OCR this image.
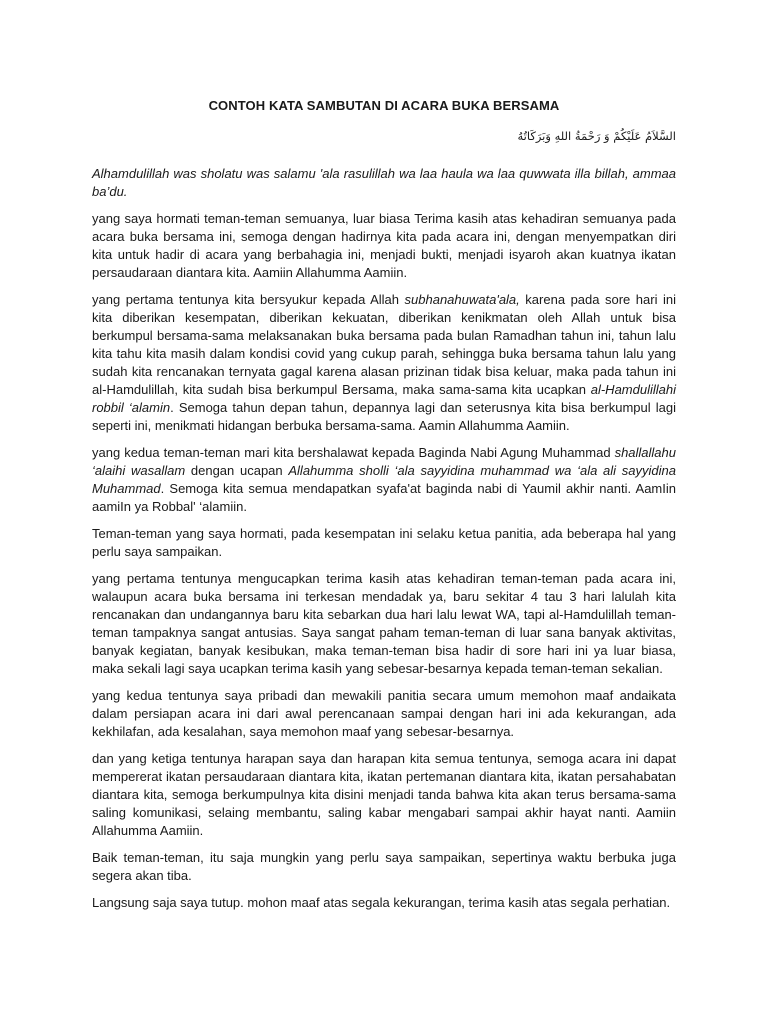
CONTOH KATA SAMBUTAN DI ACARA BUKA BERSAMA
السَّلاَمُ عَلَيْكُمْ وَ رَحْمَةُ اللهِ وَبَرَكَاتُهُ

Alhamdulillah was sholatu was salamu 'ala rasulillah wa laa haula wa laa quwwata illa billah, ammaa ba’du.

yang saya hormati teman-teman semuanya, luar biasa Terima kasih atas kehadiran semuanya pada acara buka bersama ini, semoga dengan hadirnya kita pada acara ini, dengan menyempatkan diri kita untuk hadir di acara yang berbahagia ini, menjadi bukti, menjadi isyaroh akan kuatnya ikatan persaudaraan diantara kita. Aamiin Allahumma Aamiin.

yang pertama tentunya kita bersyukur kepada Allah subhanahuwata'ala, karena pada sore hari ini kita diberikan kesempatan, diberikan kekuatan, diberikan kenikmatan oleh Allah untuk bisa berkumpul bersama-sama melaksanakan buka bersama pada bulan Ramadhan tahun ini, tahun lalu kita tahu kita masih dalam kondisi covid yang cukup parah, sehingga buka bersama tahun lalu yang sudah kita rencanakan ternyata gagal karena alasan prizinan tidak bisa keluar, maka pada tahun ini al-Hamdulillah, kita sudah bisa berkumpul Bersama, maka sama-sama kita ucapkan al-Hamdulillahi robbil ‘alamin. Semoga tahun depan tahun, depannya lagi dan seterusnya kita bisa berkumpul lagi seperti ini, menikmati hidangan berbuka bersama-sama. Aamin Allahumma Aamiin.

yang kedua teman-teman mari kita bershalawat kepada Baginda Nabi Agung Muhammad shallallahu ‘alaihi wasallam dengan ucapan Allahumma sholli ‘ala sayyidina muhammad wa ‘ala ali sayyidina Muhammad. Semoga kita semua mendapatkan syafa'at baginda nabi di Yaumil akhir nanti. AamIin aamiIn ya Robbal' ‘alamiin.

Teman-teman yang saya hormati, pada kesempatan ini selaku ketua panitia, ada beberapa hal yang perlu saya sampaikan.

yang pertama tentunya mengucapkan terima kasih atas kehadiran teman-teman pada acara ini, walaupun acara buka bersama ini terkesan mendadak ya, baru sekitar 4 tau 3 hari lalulah kita rencanakan dan undangannya baru kita sebarkan dua hari lalu lewat WA, tapi al-Hamdulillah teman-teman tampaknya sangat antusias. Saya sangat paham teman-teman di luar sana banyak aktivitas, banyak kegiatan, banyak kesibukan, maka teman-teman bisa hadir di sore hari ini ya luar biasa, maka sekali lagi saya ucapkan terima kasih yang sebesar-besarnya kepada teman-teman sekalian.

yang kedua tentunya saya pribadi dan mewakili panitia secara umum memohon maaf andaikata dalam persiapan acara ini dari awal perencanaan sampai dengan hari ini ada kekurangan, ada kekhilafan, ada kesalahan, saya memohon maaf yang sebesar-besarnya.

dan yang ketiga tentunya harapan saya dan harapan kita semua tentunya, semoga acara ini dapat mempererat ikatan persaudaraan diantara kita, ikatan pertemanan diantara kita, ikatan persahabatan diantara kita, semoga berkumpulnya kita disini menjadi tanda bahwa kita akan terus bersama-sama saling komunikasi, selaing membantu, saling kabar mengabari sampai akhir hayat nanti. Aamiin Allahumma Aamiin.

Baik teman-teman, itu saja mungkin yang perlu saya sampaikan, sepertinya waktu berbuka juga segera akan tiba.

Langsung saja saya tutup. mohon maaf atas segala kekurangan, terima kasih atas segala perhatian.
